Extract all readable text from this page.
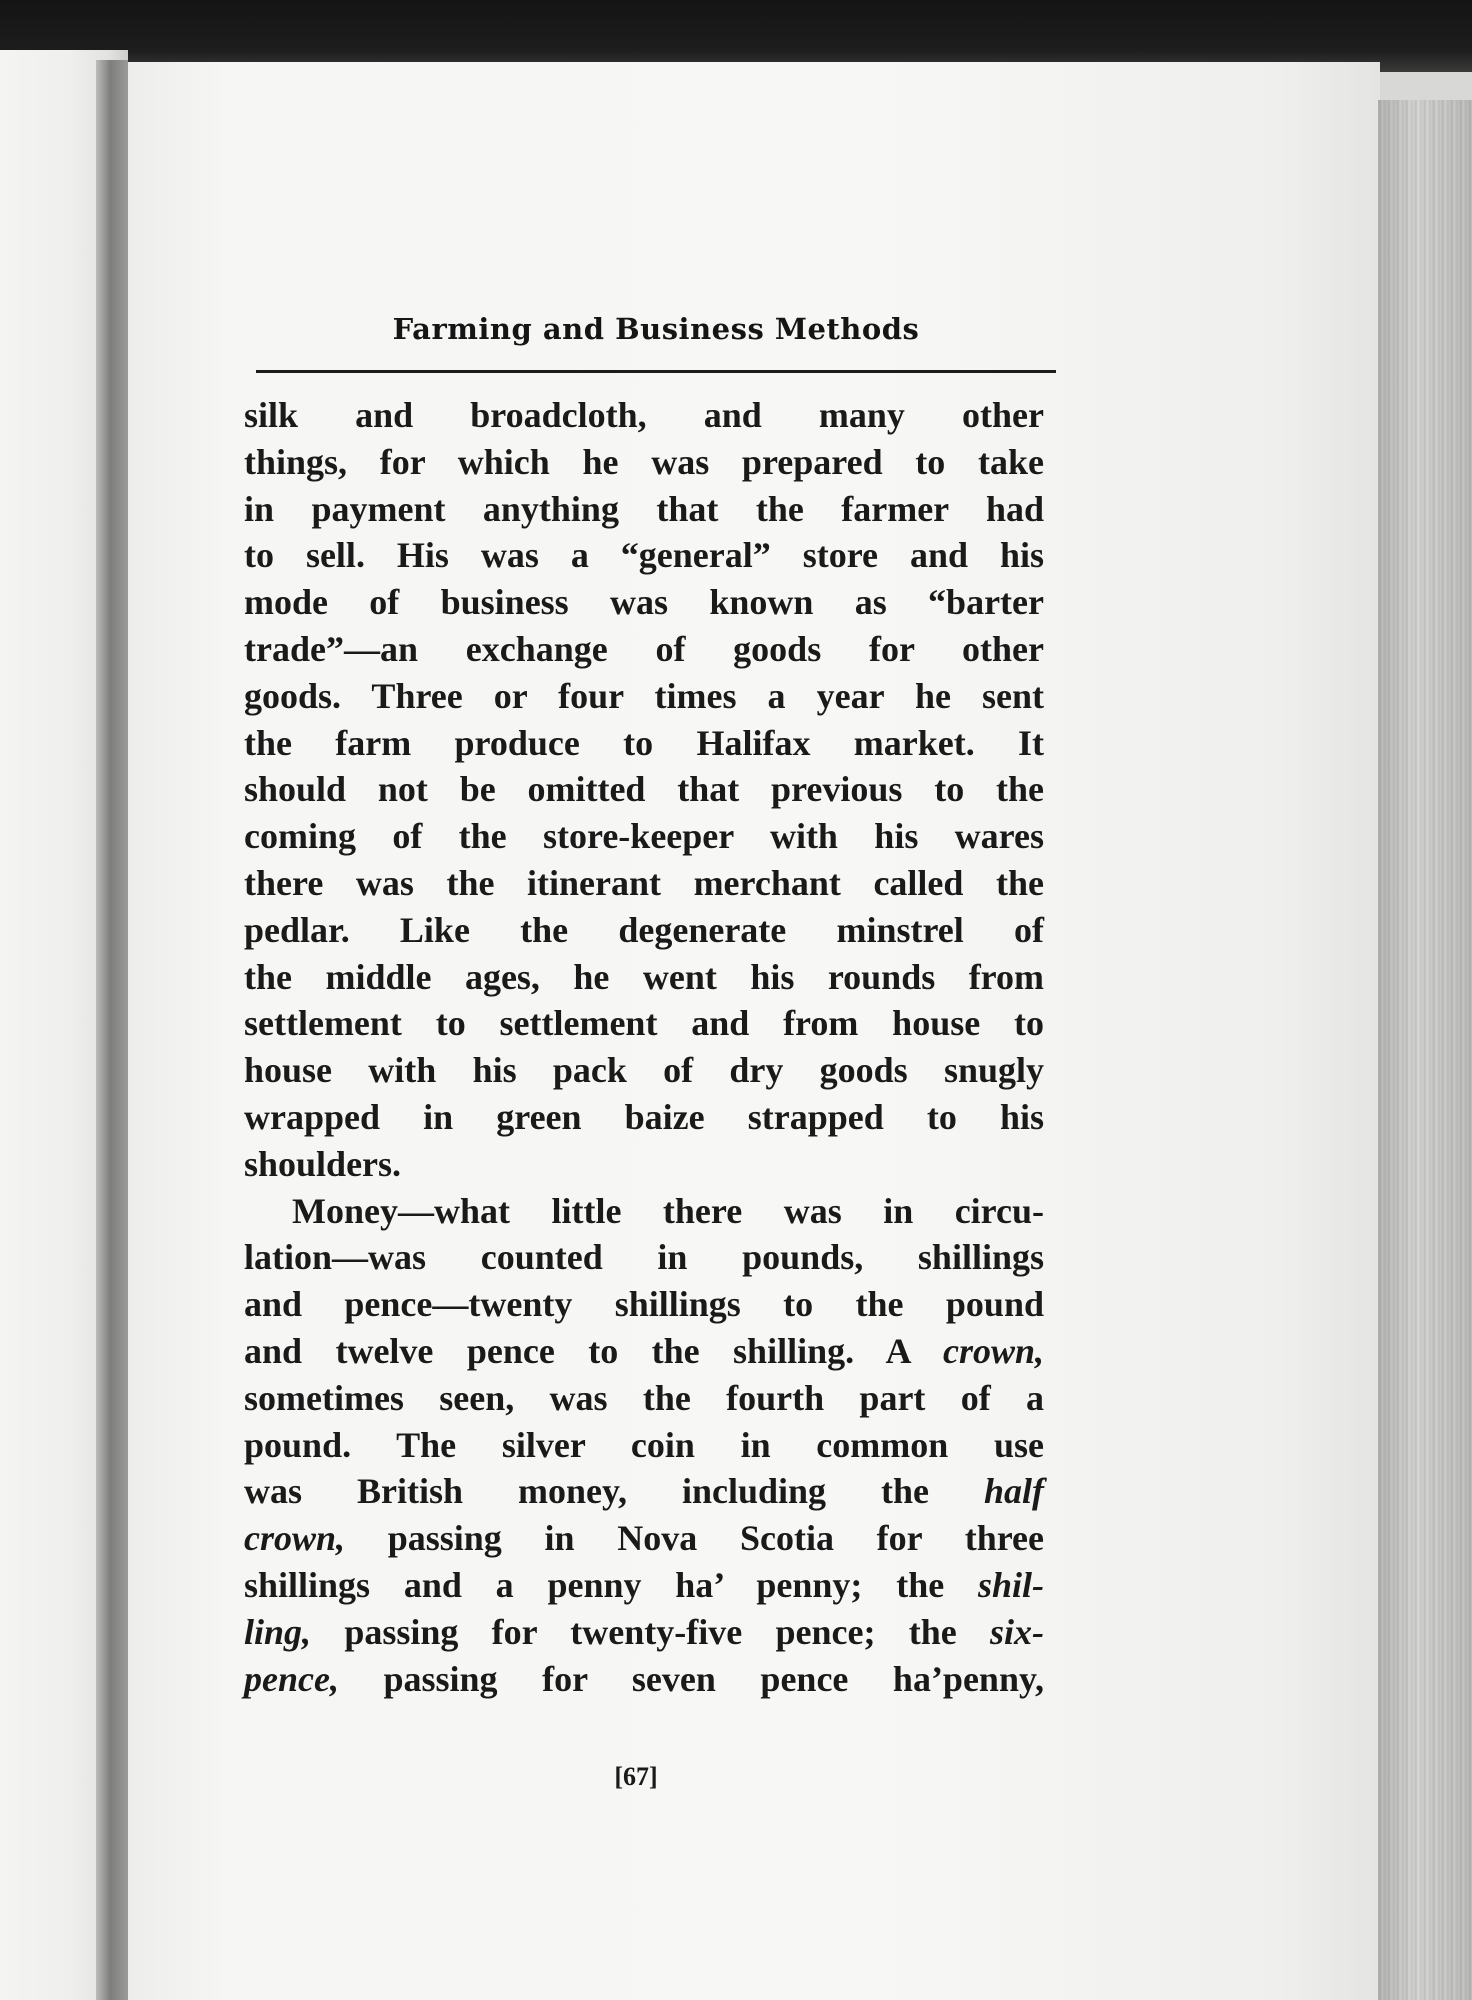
Farming and Business Methods
silk and broadcloth, and many other
things, for which he was prepared to take
in payment anything that the farmer had
to sell. His was a “general” store and his
mode of business was known as “barter
trade”—an exchange of goods for other
goods. Three or four times a year he sent
the farm produce to Halifax market. It
should not be omitted that previous to the
coming of the store-keeper with his wares
there was the itinerant merchant called the
pedlar. Like the degenerate minstrel of
the middle ages, he went his rounds from
settlement to settlement and from house to
house with his pack of dry goods snugly
wrapped in green baize strapped to his
shoulders.
Money—what little there was in circu-
lation—was counted in pounds, shillings
and pence—twenty shillings to the pound
and twelve pence to the shilling. A crown,
sometimes seen, was the fourth part of a
pound. The silver coin in common use
was British money, including the half
crown, passing in Nova Scotia for three
shillings and a penny ha’ penny; the shil-
ling, passing for twenty-five pence; the six-
pence, passing for seven pence ha’penny,
[67]
